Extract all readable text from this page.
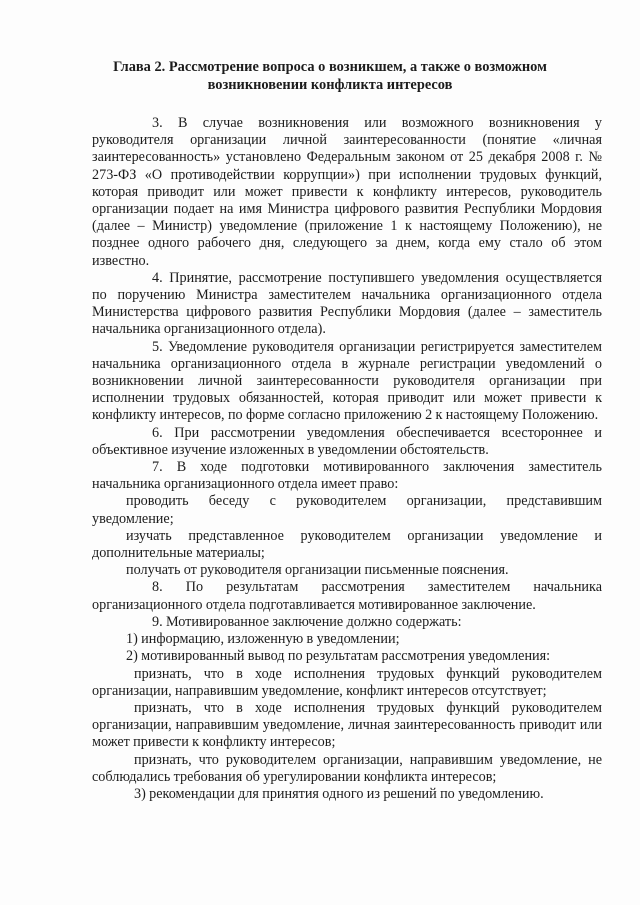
Глава 2. Рассмотрение вопроса о возникшем, а также о возможном
возникновении конфликта интересов

3. В случае возникновения или возможного возникновения у руководителя организации личной заинтересованности (понятие «личная заинтересованность» установлено Федеральным законом от 25 декабря 2008 г. № 273-ФЗ «О противодействии коррупции») при исполнении трудовых функций, которая приводит или может привести к конфликту интересов, руководитель организации подает на имя Министра цифрового развития Республики Мордовия (далее – Министр) уведомление (приложение 1 к настоящему Положению), не позднее одного рабочего дня, следующего за днем, когда ему стало об этом известно.

4. Принятие, рассмотрение поступившего уведомления осуществляется по поручению Министра заместителем начальника организационного отдела Министерства цифрового развития Республики Мордовия (далее – заместитель начальника организационного отдела).

5. Уведомление руководителя организации регистрируется заместителем начальника организационного отдела в журнале регистрации уведомлений о возникновении личной заинтересованности руководителя организации при исполнении трудовых обязанностей, которая приводит или может привести к конфликту интересов, по форме согласно приложению 2 к настоящему Положению.

6. При рассмотрении уведомления обеспечивается всестороннее и объективное изучение изложенных в уведомлении обстоятельств.

7. В ходе подготовки мотивированного заключения заместитель начальника организационного отдела имеет право:

проводить беседу с руководителем организации, представившим уведомление;

изучать представленное руководителем организации уведомление и дополнительные материалы;

получать от руководителя организации письменные пояснения.

8. По результатам рассмотрения заместителем начальника организационного отдела подготавливается мотивированное заключение.

9. Мотивированное заключение должно содержать:

1) информацию, изложенную в уведомлении;

2) мотивированный вывод по результатам рассмотрения уведомления:

признать, что в ходе исполнения трудовых функций руководителем организации, направившим уведомление, конфликт интересов отсутствует;

признать, что в ходе исполнения трудовых функций руководителем организации, направившим уведомление, личная заинтересованность приводит или может привести к конфликту интересов;

признать, что руководителем организации, направившим уведомление, не соблюдались требования об урегулировании конфликта интересов;

3) рекомендации для принятия одного из решений по уведомлению.
